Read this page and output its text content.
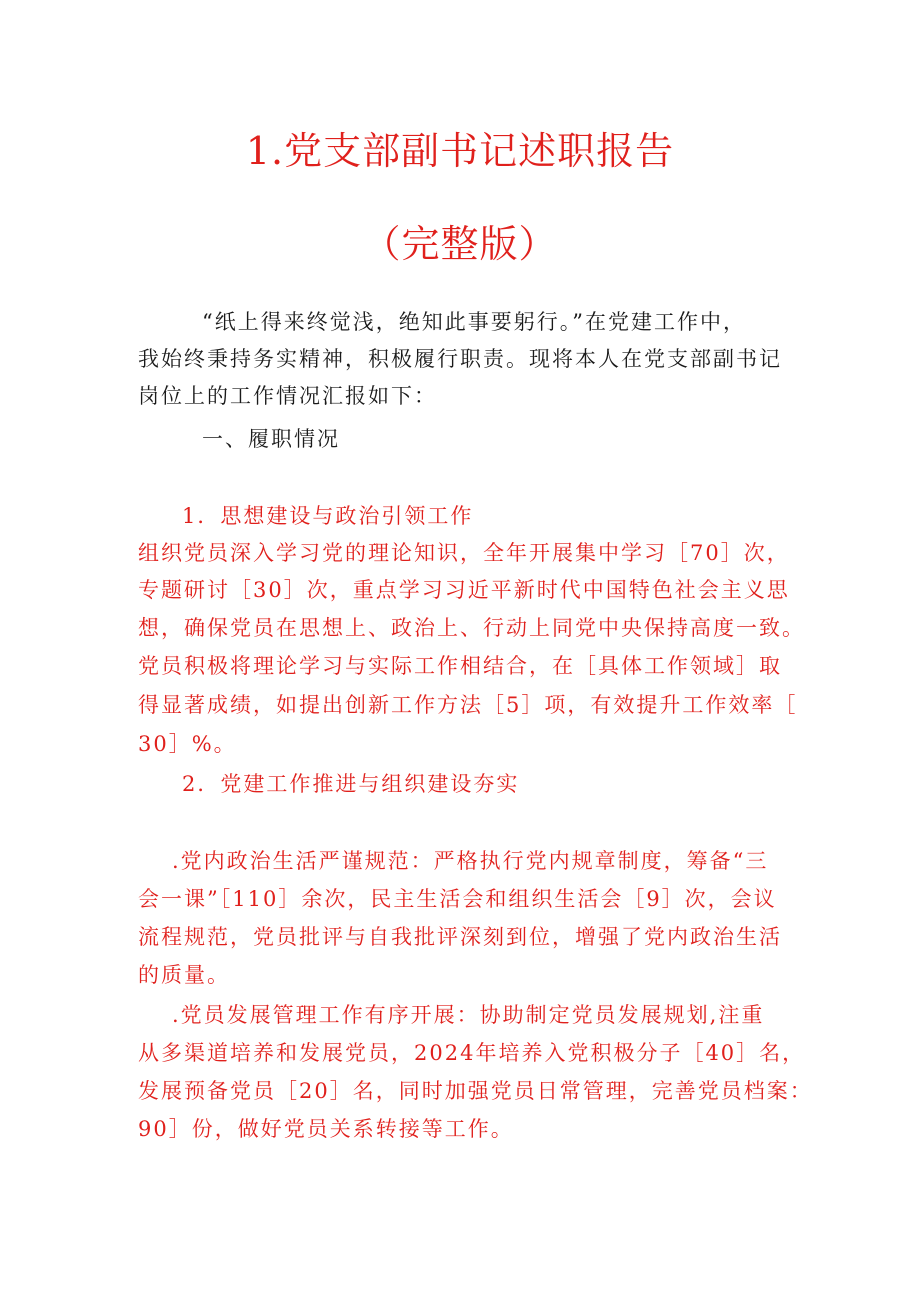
1.党支部副书记述职报告
（完整版）
“纸上得来终觉浅，绝知此事要躬行。”在党建工作中，
我始终秉持务实精神，积极履行职责。现将本人在党支部副书记
岗位上的工作情况汇报如下：
一、履职情况
1．思想建设与政治引领工作
组织党员深入学习党的理论知识，全年开展集中学习［70］次，
专题研讨［30］次，重点学习习近平新时代中国特色社会主义思
想，确保党员在思想上、政治上、行动上同党中央保持高度一致。
党员积极将理论学习与实际工作相结合，在［具体工作领域］取
得显著成绩，如提出创新工作方法［5］项，有效提升工作效率［
30］%。
2．党建工作推进与组织建设夯实
.党内政治生活严谨规范：严格执行党内规章制度，筹备“三
会一课”［110］余次，民主生活会和组织生活会［9］次，会议
流程规范，党员批评与自我批评深刻到位，增强了党内政治生活
的质量。
.党员发展管理工作有序开展：协助制定党员发展规划,注重
从多渠道培养和发展党员，2024年培养入党积极分子［40］名，
发展预备党员［20］名，同时加强党员日常管理，完善党员档案：
90］份，做好党员关系转接等工作。
